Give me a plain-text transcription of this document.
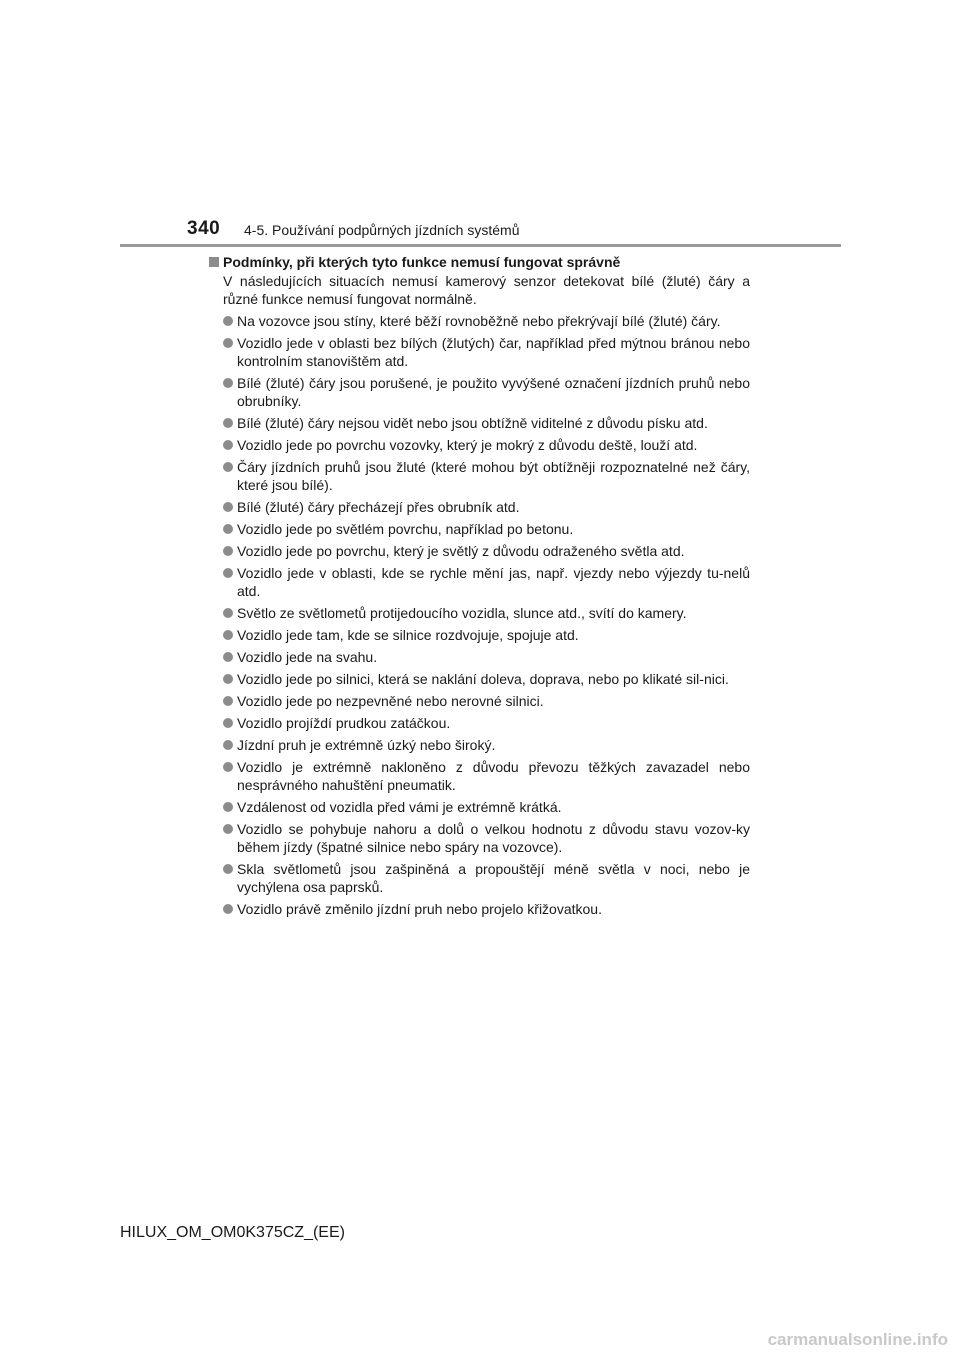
340 4-5. Používání podpůrných jízdních systémů
Podmínky, při kterých tyto funkce nemusí fungovat správně
V následujících situacích nemusí kamerový senzor detekovat bílé (žluté) čáry a různé funkce nemusí fungovat normálně.
Na vozovce jsou stíny, které běží rovnoběžně nebo překrývají bílé (žluté) čáry.
Vozidlo jede v oblasti bez bílých (žlutých) čar, například před mýtnou bránou nebo kontrolním stanovištěm atd.
Bílé (žluté) čáry jsou porušené, je použito vyvýšené označení jízdních pruhů nebo obrubníky.
Bílé (žluté) čáry nejsou vidět nebo jsou obtížně viditelné z důvodu písku atd.
Vozidlo jede po povrchu vozovky, který je mokrý z důvodu deště, louží atd.
Čáry jízdních pruhů jsou žluté (které mohou být obtížněji rozpoznatelné než čáry, které jsou bílé).
Bílé (žluté) čáry přecházejí přes obrubník atd.
Vozidlo jede po světlém povrchu, například po betonu.
Vozidlo jede po povrchu, který je světlý z důvodu odraženého světla atd.
Vozidlo jede v oblasti, kde se rychle mění jas, např. vjezdy nebo výjezdy tu-nelů atd.
Světlo ze světlometů protijedoucího vozidla, slunce atd., svítí do kamery.
Vozidlo jede tam, kde se silnice rozdvojuje, spojuje atd.
Vozidlo jede na svahu.
Vozidlo jede po silnici, která se naklání doleva, doprava, nebo po klikaté sil-nici.
Vozidlo jede po nezpevněné nebo nerovné silnici.
Vozidlo projíždí prudkou zatáčkou.
Jízdní pruh je extrémně úzký nebo široký.
Vozidlo je extrémně nakloněno z důvodu převozu těžkých zavazadel nebo nesprávného nahuštění pneumatik.
Vzdálenost od vozidla před vámi je extrémně krátká.
Vozidlo se pohybuje nahoru a dolů o velkou hodnotu z důvodu stavu vozov-ky během jízdy (špatné silnice nebo spáry na vozovce).
Skla světlometů jsou zašpiněná a propouštějí méně světla v noci, nebo je vychýlena osa paprsků.
Vozidlo právě změnilo jízdní pruh nebo projelo křižovatkou.
HILUX_OM_OM0K375CZ_(EE)
carmanualsonline.info
